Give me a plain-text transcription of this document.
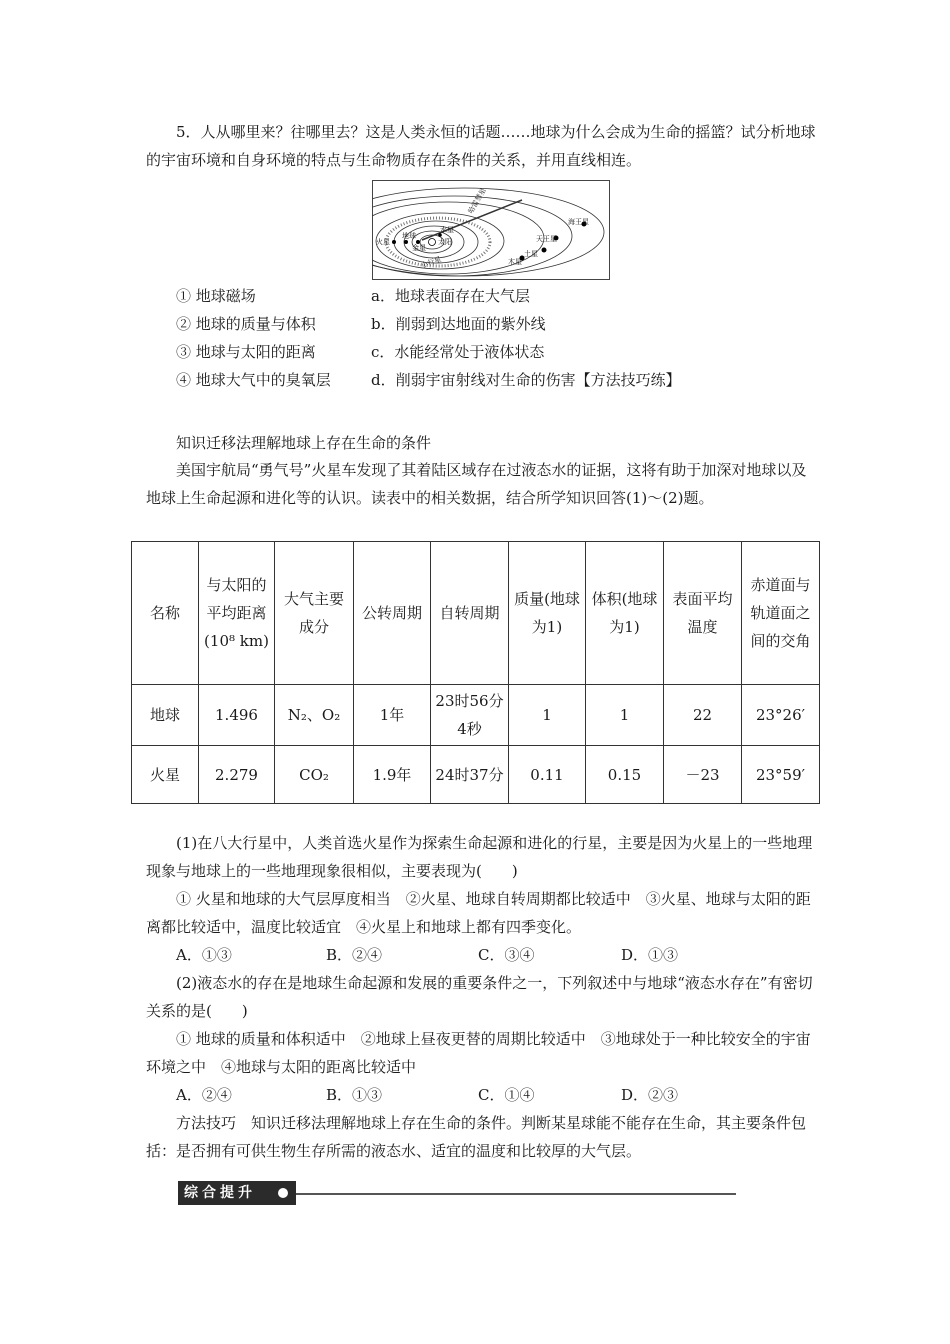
5．人从哪里来？往哪里去？这是人类永恒的话题……地球为什么会成为生命的摇篮？试分析地球的宇宙环境和自身环境的特点与生命物质存在条件的关系，并用直线相连。

哈雷彗星
海王星
天王星
土星
木星
水星
太阳
地球
金星
火星
小行星
① 地球磁场	a．地球表面存在大气层
② 地球的质量与体积	b．削弱到达地面的紫外线
③ 地球与太阳的距离	c．水能经常处于液体状态
④ 地球大气中的臭氧层	d．削弱宇宙射线对生命的伤害【方法技巧练】

知识迁移法理解地球上存在生命的条件

美国宇航局“勇气号”火星车发现了其着陆区域存在过液态水的证据，这将有助于加深对地球以及地球上生命起源和进化等的认识。读表中的相关数据，结合所学知识回答(1)～(2)题。

名称	与太阳的平均距离(10⁸ km)	大气主要成分	公转周期	自转周期	质量(地球为1)	体积(地球为1)	表面平均温度	赤道面与轨道面之间的交角
地球	1.496	N₂、O₂	1年	23时56分4秒	1	1	22	23°26′
火星	2.279	CO₂	1.9年	24时37分	0.11	0.15	－23	23°59′

(1)在八大行星中，人类首选火星作为探索生命起源和进化的行星，主要是因为火星上的一些地理现象与地球上的一些地理现象很相似，主要表现为(　　)

① 火星和地球的大气层厚度相当　②火星、地球自转周期都比较适中　③火星、地球与太阳的距离都比较适中，温度比较适宜　④火星上和地球上都有四季变化。

A．①③	B．②④	C．③④	D．①③

(2)液态水的存在是地球生命起源和发展的重要条件之一，下列叙述中与地球“液态水存在”有密切关系的是(　　)

① 地球的质量和体积适中　②地球上昼夜更替的周期比较适中　③地球处于一种比较安全的宇宙环境之中　④地球与太阳的距离比较适中

A．②④	B．①③	C．①④	D．②③

方法技巧　知识迁移法理解地球上存在生命的条件。判断某星球能不能存在生命，其主要条件包括：是否拥有可供生物生存所需的液态水、适宜的温度和比较厚的大气层。

综合提升
